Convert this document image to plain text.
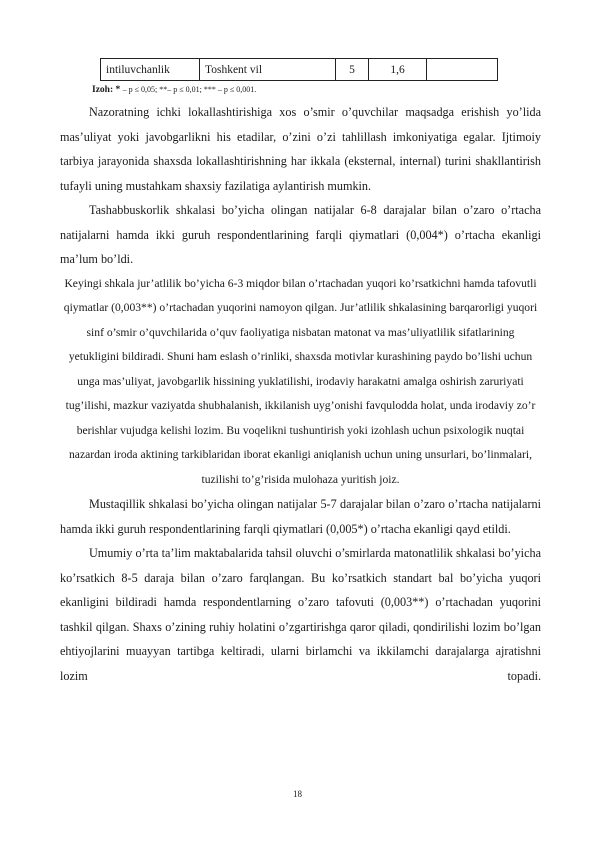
intiluvchanlik	Toshkent vil	5	1,6	
Izoh: * – p ≤ 0,05; **– p ≤ 0,01; *** – p ≤ 0,001.

Nazoratning ichki lokallashtirishiga xos o’smir o’quvchilar maqsadga erishish yo’lida mas’uliyat yoki javobgarlikni his etadilar, o’zini o’zi tahlillash imkoniyatiga egalar. Ijtimoiy tarbiya jarayonida shaxsda lokallashtirishning har ikkala (eksternal, internal) turini shakllantirish tufayli uning mustahkam shaxsiy fazilatiga aylantirish mumkin.

Tashabbuskorlik shkalasi bo’yicha olingan natijalar 6-8 darajalar bilan o’zaro o’rtacha natijalarni hamda ikki guruh respondentlarining farqli qiymatlari (0,004*) o’rtacha ekanligi ma’lum bo’ldi.

Keyingi shkala jur’atlilik bo’yicha 6-3 miqdor bilan o’rtachadan yuqori ko’rsatkichni hamda tafovutli qiymatlar (0,003**) o’rtachadan yuqorini namoyon qilgan. Jur’atlilik shkalasining barqarorligi yuqori sinf o’smir o’quvchilarida o’quv faoliyatiga nisbatan matonat va mas’uliyatlilik sifatlarining yetukligini bildiradi. Shuni ham eslash o’rinliki, shaxsda motivlar kurashining paydo bo’lishi uchun unga mas’uliyat, javobgarlik hissining yuklatilishi, irodaviy harakatni amalga oshirish zaruriyati tug’ilishi, mazkur vaziyatda shubhalanish, ikkilanish uyg’onishi favqulodda holat, unda irodaviy zo’r berishlar vujudga kelishi lozim. Bu voqelikni tushuntirish yoki izohlash uchun psixologik nuqtai nazardan iroda aktining tarkiblaridan iborat ekanligi aniqlanish uchun uning unsurlari, bo’linmalari, tuzilishi to’g’risida mulohaza yuritish joiz.

Mustaqillik shkalasi bo’yicha olingan natijalar 5-7 darajalar bilan o’zaro o’rtacha natijalarni hamda ikki guruh respondentlarining farqli qiymatlari (0,005*) o’rtacha ekanligi qayd etildi.

Umumiy o’rta ta’lim maktabalarida tahsil oluvchi o’smirlarda matonatlilik shkalasi bo’yicha ko’rsatkich 8-5 daraja bilan o’zaro farqlangan. Bu ko’rsatkich standart bal bo’yicha yuqori ekanligini bildiradi hamda respondentlarning o’zaro tafovuti (0,003**) o’rtachadan yuqorini tashkil qilgan. Shaxs o’zining ruhiy holatini o’zgartirishga qaror qiladi, qondirilishi lozim bo’lgan ehtiyojlarini muayyan tartibga keltiradi, ularni birlamchi va ikkilamchi darajalarga ajratishni lozim topadi.

18
